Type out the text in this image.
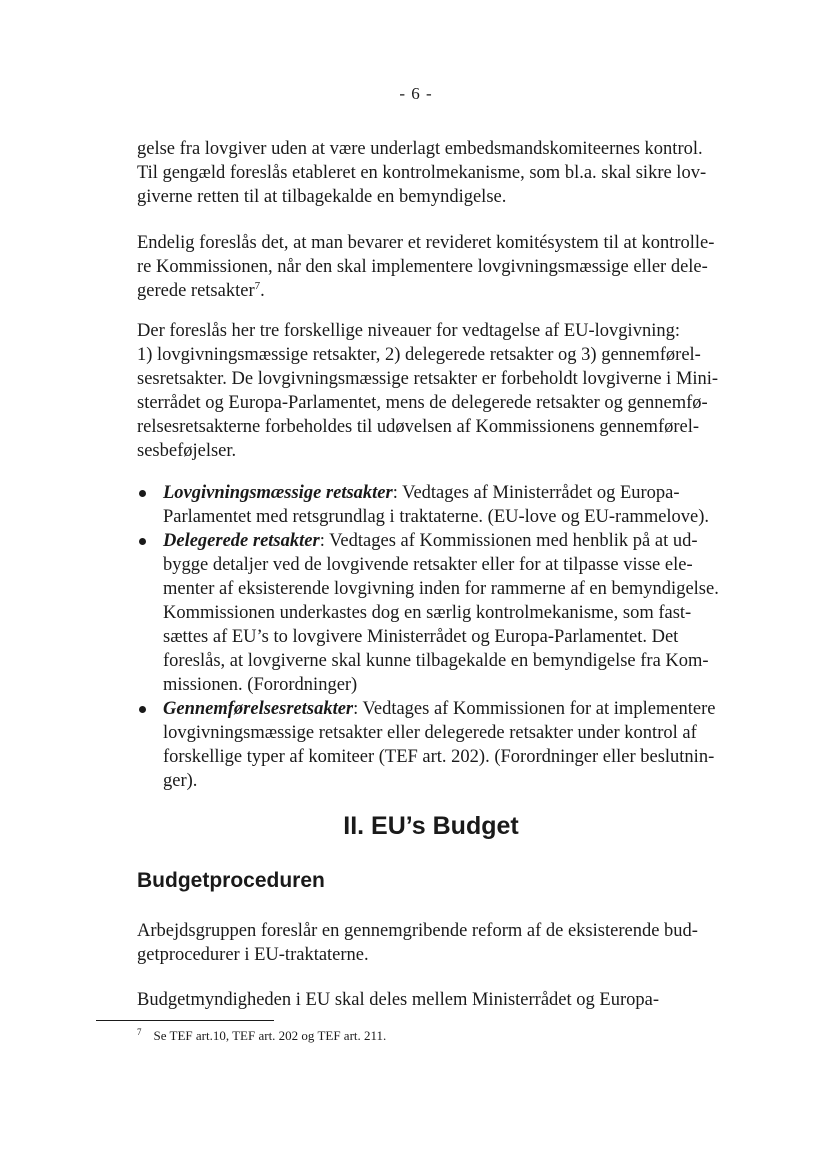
- 6 -

gelse fra lovgiver uden at være underlagt embedsmandskomiteernes kontrol.
Til gengæld foreslås etableret en kontrolmekanisme, som bl.a. skal sikre lov-
giverne retten til at tilbagekalde en bemyndigelse.

Endelig foreslås det, at man bevarer et revideret komitésystem til at kontrolle-
re Kommissionen, når den skal implementere lovgivningsmæssige eller dele-
gerede retsakter$^7$.

Der foreslås her tre forskellige niveauer for vedtagelse af EU-lovgivning:
1) lovgivningsmæssige retsakter, 2) delegerede retsakter og 3) gennemførel-
sesretsakter. De lovgivningsmæssige retsakter er forbeholdt lovgiverne i Mini-
sterrådet og Europa-Parlamentet, mens de delegerede retsakter og gennemfø-
relsesretsakterne forbeholdes til udøvelsen af Kommissionens gennemførel-
sesbeføjelser.

Lovgivningsmæssige retsakter: Vedtages af Ministerrådet og Europa-
Parlamentet med retsgrundlag i traktaterne. (EU-love og EU-rammelove).
Delegerede retsakter: Vedtages af Kommissionen med henblik på at ud-
bygge detaljer ved de lovgivende retsakter eller for at tilpasse visse ele-
menter af eksisterende lovgivning inden for rammerne af en bemyndigelse.
Kommissionen underkastes dog en særlig kontrolmekanisme, som fast-
sættes af EU’s to lovgivere Ministerrådet og Europa-Parlamentet. Det
foreslås, at lovgiverne skal kunne tilbagekalde en bemyndigelse fra Kom-
missionen. (Forordninger)
Gennemførelsesretsakter: Vedtages af Kommissionen for at implementere
lovgivningsmæssige retsakter eller delegerede retsakter under kontrol af
forskellige typer af komiteer (TEF art. 202). (Forordninger eller beslutnin-
ger).
II. EU’s Budget
Budgetproceduren

Arbejdsgruppen foreslår en gennemgribende reform af de eksisterende bud-
getprocedurer i EU-traktaterne.

Budgetmyndigheden i EU skal deles mellem Ministerrådet og Europa-

$^7$ Se TEF art.10, TEF art. 202 og TEF art. 211.
